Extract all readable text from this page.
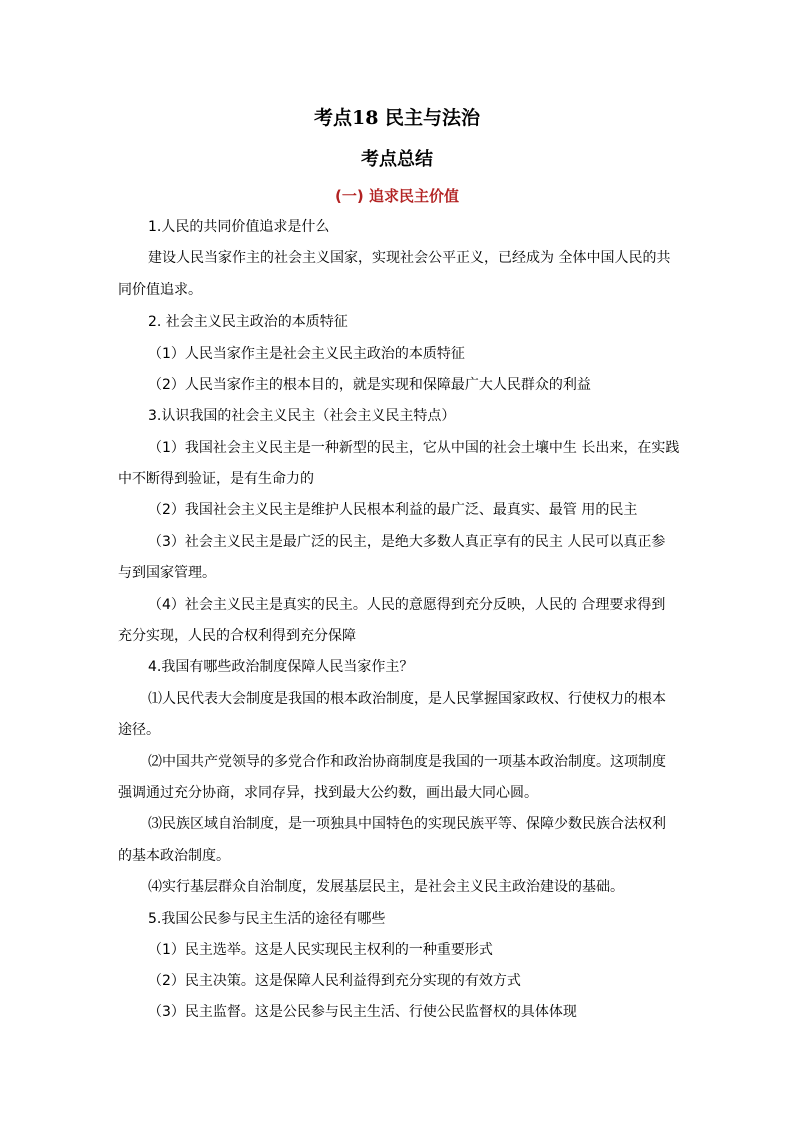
考点18 民主与法治
考点总结
(一) 追求民主价值
1.人民的共同价值追求是什么
建设人民当家作主的社会主义国家，实现社会公平正义，已经成为 全体中国人民的共
同价值追求。
2. 社会主义民主政治的本质特征
（1）人民当家作主是社会主义民主政治的本质特征
（2）人民当家作主的根本目的，就是实现和保障最广大人民群众的利益
3.认识我国的社会主义民主（社会主义民主特点）
（1）我国社会主义民主是一种新型的民主，它从中国的社会土壤中生 长出来，在实践
中不断得到验证，是有生命力的
（2）我国社会主义民主是维护人民根本利益的最广泛、最真实、最管 用的民主
（3）社会主义民主是最广泛的民主，是绝大多数人真正享有的民主 人民可以真正参
与到国家管理。
（4）社会主义民主是真实的民主。人民的意愿得到充分反映，人民的 合理要求得到
充分实现，人民的合权利得到充分保障
4.我国有哪些政治制度保障人民当家作主？
⑴人民代表大会制度是我国的根本政治制度，是人民掌握国家政权、行使权力的根本
途径。
⑵中国共产党领导的多党合作和政治协商制度是我国的一项基本政治制度。这项制度
强调通过充分协商，求同存异，找到最大公约数，画出最大同心圆。
⑶民族区域自治制度，是一项独具中国特色的实现民族平等、保障少数民族合法权利
的基本政治制度。
⑷实行基层群众自治制度，发展基层民主，是社会主义民主政治建设的基础。
5.我国公民参与民主生活的途径有哪些
（1）民主选举。这是人民实现民主权利的一种重要形式
（2）民主决策。这是保障人民利益得到充分实现的有效方式
（3）民主监督。这是公民参与民主生活、行使公民监督权的具体体现
